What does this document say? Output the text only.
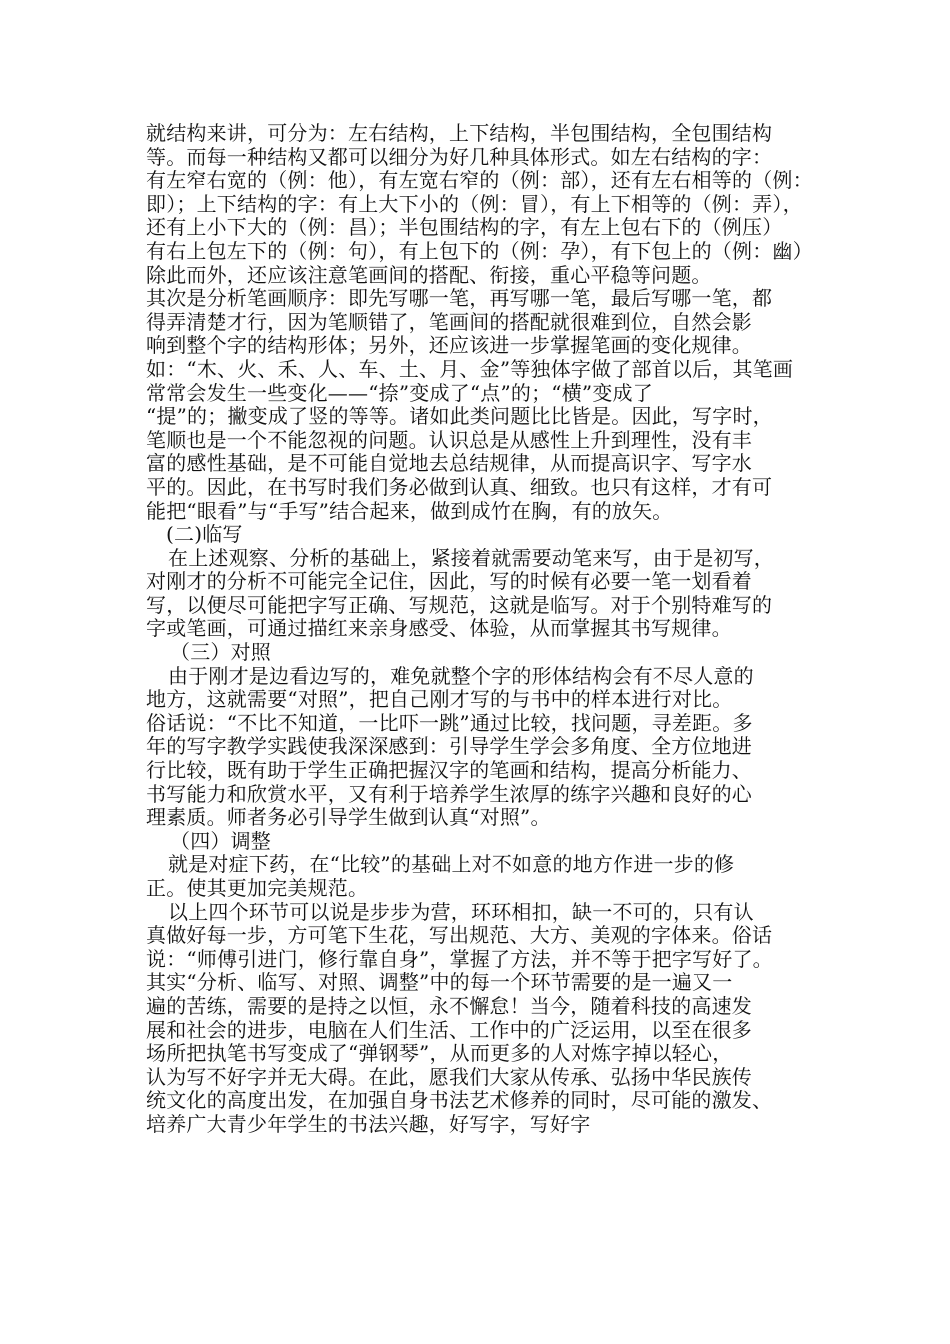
就结构来讲，可分为：左右结构，上下结构，半包围结构，全包围结构
等。而每一种结构又都可以细分为好几种具体形式。如左右结构的字：
有左窄右宽的（例：他），有左宽右窄的（例：部），还有左右相等的（例：
即）；上下结构的字：有上大下小的（例：冒），有上下相等的（例：弄），
还有上小下大的（例：昌）；半包围结构的字，有左上包右下的（例压）
有右上包左下的（例：句），有上包下的（例：孕），有下包上的（例：幽）
除此而外，还应该注意笔画间的搭配、衔接，重心平稳等问题。
其次是分析笔画顺序：即先写哪一笔，再写哪一笔，最后写哪一笔，都
得弄清楚才行，因为笔顺错了，笔画间的搭配就很难到位，自然会影
响到整个字的结构形体；另外，还应该进一步掌握笔画的变化规律。
如：“木、火、禾、人、车、土、月、金”等独体字做了部首以后，其笔画
常常会发生一些变化——“捺”变成了“点”的；“横”变成了
“提”的；撇变成了竖的等等。诸如此类问题比比皆是。因此，写字时，
笔顺也是一个不能忽视的问题。认识总是从感性上升到理性，没有丰
富的感性基础，是不可能自觉地去总结规律，从而提高识字、写字水
平的。因此，在书写时我们务必做到认真、细致。也只有这样，才有可
能把“眼看”与“手写”结合起来，做到成竹在胸，有的放矢。
(二)临写
在上述观察、分析的基础上，紧接着就需要动笔来写，由于是初写，
对刚才的分析不可能完全记住，因此，写的时候有必要一笔一划看着
写，以便尽可能把字写正确、写规范，这就是临写。对于个别特难写的
字或笔画，可通过描红来亲身感受、体验，从而掌握其书写规律。
（三）对照
由于刚才是边看边写的，难免就整个字的形体结构会有不尽人意的
地方，这就需要“对照”，把自己刚才写的与书中的样本进行对比。
俗话说：“不比不知道，一比吓一跳”通过比较，找问题，寻差距。多
年的写字教学实践使我深深感到：引导学生学会多角度、全方位地进
行比较，既有助于学生正确把握汉字的笔画和结构，提高分析能力、
书写能力和欣赏水平，又有利于培养学生浓厚的练字兴趣和良好的心
理素质。师者务必引导学生做到认真“对照”。
（四）调整
就是对症下药，在“比较”的基础上对不如意的地方作进一步的修
正。使其更加完美规范。
以上四个环节可以说是步步为营，环环相扣，缺一不可的，只有认
真做好每一步，方可笔下生花，写出规范、大方、美观的字体来。俗话
说：“师傅引进门，修行靠自身”，掌握了方法，并不等于把字写好了。
其实“分析、临写、对照、调整”中的每一个环节需要的是一遍又一
遍的苦练，需要的是持之以恒，永不懈怠！当今，随着科技的高速发
展和社会的进步，电脑在人们生活、工作中的广泛运用，以至在很多
场所把执笔书写变成了“弹钢琴”，从而更多的人对炼字掉以轻心，
认为写不好字并无大碍。在此，愿我们大家从传承、弘扬中华民族传
统文化的高度出发，在加强自身书法艺术修养的同时，尽可能的激发、
培养广大青少年学生的书法兴趣，好写字，写好字
